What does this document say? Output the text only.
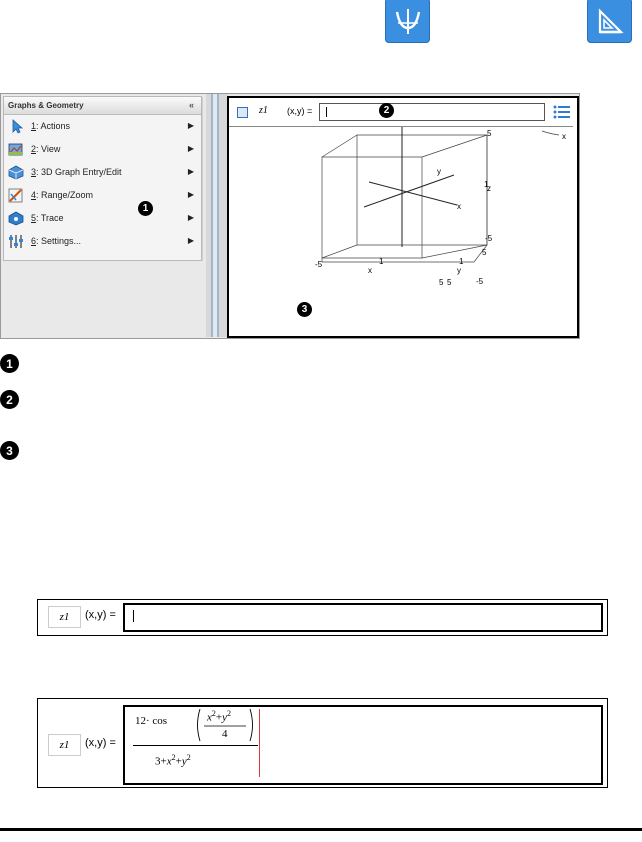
Graphs & Geometry	«
1: Actions	▶
2: View	▶
3: 3D Graph Entry/Edit	▶
4: Range/Zoom	▶
5: Trace	▶
6: Settings...	▶
1
z1 (x,y) =	2
5
1
-5
-5	1
5
1
5
-5
5
x
y
z
x	y
x
3
1
2
3
z1	(x,y) =
z1	(x,y) =
12· cos	$x^2+y^2$
4
$3+x^2+y^2$
